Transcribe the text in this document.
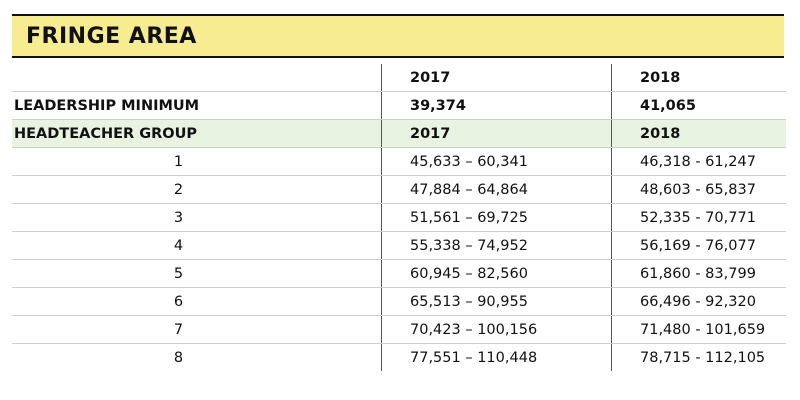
FRINGE AREA
	2017	2018
LEADERSHIP MINIMUM	39,374	41,065
HEADTEACHER GROUP	2017	2018
1	45,633 – 60,341	46,318 - 61,247
2	47,884 – 64,864	48,603 - 65,837
3	51,561 – 69,725	52,335 - 70,771
4	55,338 – 74,952	56,169 - 76,077
5	60,945 – 82,560	61,860 - 83,799
6	65,513 – 90,955	66,496 - 92,320
7	70,423 – 100,156	71,480 - 101,659
8	77,551 – 110,448	78,715 - 112,105
